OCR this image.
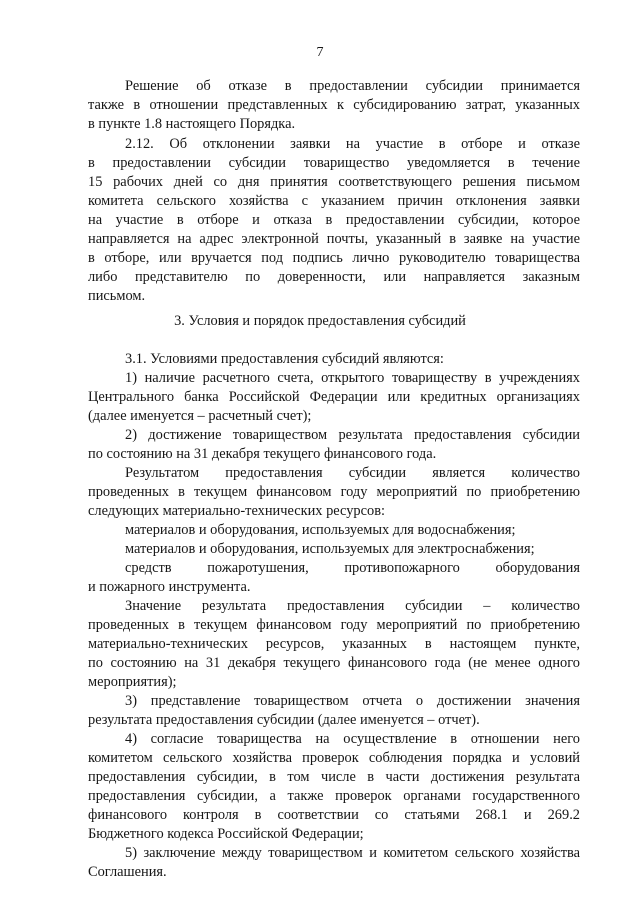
7
Решение об отказе в предоставлении субсидии принимается
также в отношении представленных к субсидированию затрат, указанных
в пункте 1.8 настоящего Порядка.
2.12. Об отклонении заявки на участие в отборе и отказе
в предоставлении субсидии товарищество уведомляется в течение
15 рабочих дней со дня принятия соответствующего решения письмом
комитета сельского хозяйства с указанием причин отклонения заявки
на участие в отборе и отказа в предоставлении субсидии, которое
направляется на адрес электронной почты, указанный в заявке на участие
в отборе, или вручается под подпись лично руководителю товарищества
либо представителю по доверенности, или направляется заказным
письмом.
3. Условия и порядок предоставления субсидий
3.1. Условиями предоставления субсидий являются:
1) наличие расчетного счета, открытого товариществу в учреждениях
Центрального банка Российской Федерации или кредитных организациях
(далее именуется – расчетный счет);
2) достижение товариществом результата предоставления субсидии
по состоянию на 31 декабря текущего финансового года.
Результатом предоставления субсидии является количество
проведенных в текущем финансовом году мероприятий по приобретению
следующих материально-технических ресурсов:
материалов и оборудования, используемых для водоснабжения;
материалов и оборудования, используемых для электроснабжения;
средств пожаротушения, противопожарного оборудования
и пожарного инструмента.
Значение результата предоставления субсидии – количество
проведенных в текущем финансовом году мероприятий по приобретению
материально-технических ресурсов, указанных в настоящем пункте,
по состоянию на 31 декабря текущего финансового года (не менее одного
мероприятия);
3) представление товариществом отчета о достижении значения
результата предоставления субсидии (далее именуется – отчет).
4) согласие товарищества на осуществление в отношении него
комитетом сельского хозяйства проверок соблюдения порядка и условий
предоставления субсидии, в том числе в части достижения результата
предоставления субсидии, а также проверок органами государственного
финансового контроля в соответствии со статьями 268.1 и 269.2
Бюджетного кодекса Российской Федерации;
5) заключение между товариществом и комитетом сельского хозяйства
Соглашения.
